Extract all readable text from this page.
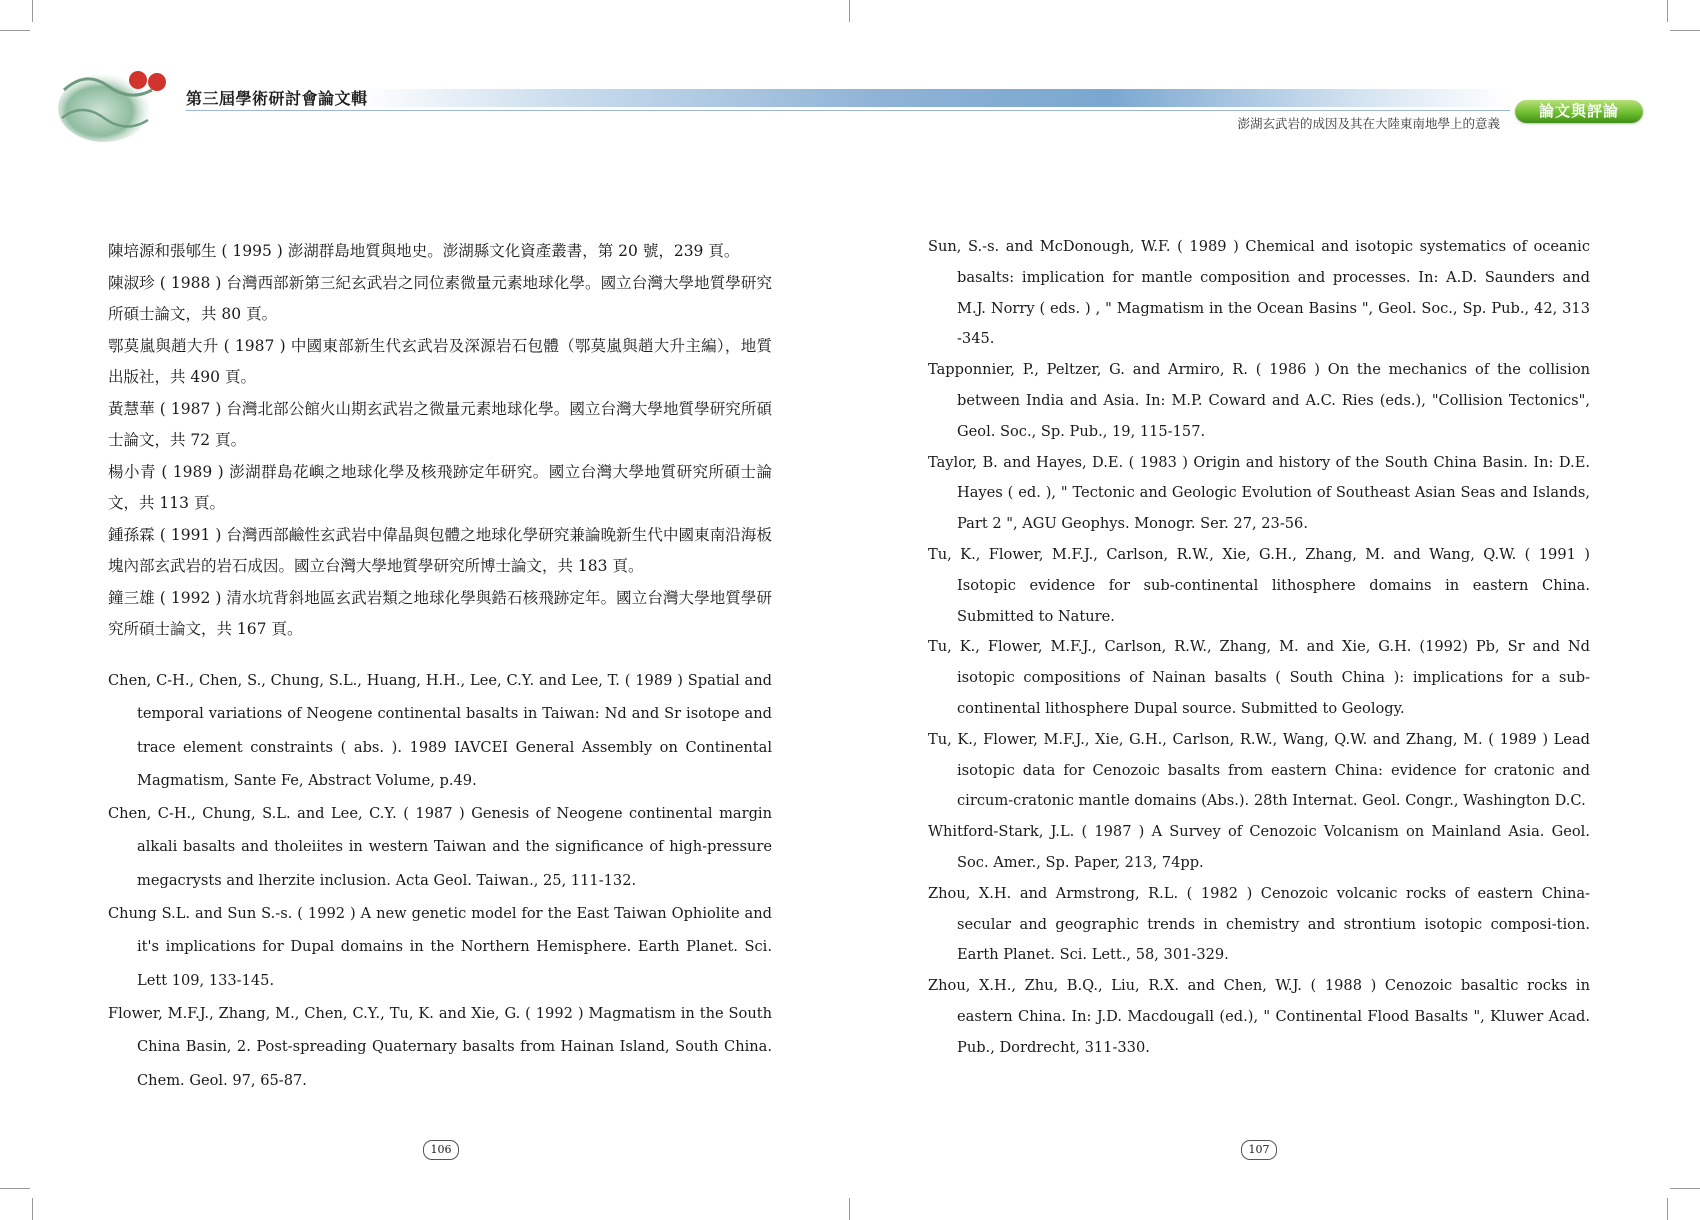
第三屆學術研討會論文輯
澎湖玄武岩的成因及其在大陸東南地學上的意義
論文與評論

陳培源和張郇生 ( 1995 ) 澎湖群島地質與地史。澎湖縣文化資產叢書，第 20 號，239 頁。

陳淑珍 ( 1988 ) 台灣西部新第三紀玄武岩之同位素微量元素地球化學。國立台灣大學地質學研究所碩士論文，共 80 頁。

鄂莫嵐與趙大升 ( 1987 ) 中國東部新生代玄武岩及深源岩石包體（鄂莫嵐與趙大升主編），地質出版社，共 490 頁。

黃慧華 ( 1987 ) 台灣北部公館火山期玄武岩之微量元素地球化學。國立台灣大學地質學研究所碩士論文，共 72 頁。

楊小青 ( 1989 ) 澎湖群島花嶼之地球化學及核飛跡定年研究。國立台灣大學地質研究所碩士論文，共 113 頁。

鍾孫霖 ( 1991 ) 台灣西部鹼性玄武岩中偉晶與包體之地球化學研究兼論晚新生代中國東南沿海板塊內部玄武岩的岩石成因。國立台灣大學地質學研究所博士論文，共 183 頁。

鐘三雄 ( 1992 ) 清水坑背斜地區玄武岩類之地球化學與鋯石核飛跡定年。國立台灣大學地質學研究所碩士論文，共 167 頁。

Chen, C-H., Chen, S., Chung, S.L., Huang, H.H., Lee, C.Y. and Lee, T. ( 1989 ) Spatial and temporal variations of Neogene continental basalts in Taiwan: Nd and Sr isotope and trace element constraints ( abs. ). 1989 IAVCEI General Assembly on Continental Magmatism, Sante Fe, Abstract Volume, p.49.

Chen, C-H., Chung, S.L. and Lee, C.Y. ( 1987 ) Genesis of Neogene continental margin alkali basalts and tholeiites in western Taiwan and the significance of high-pressure megacrysts and lherzite inclusion. Acta Geol. Taiwan., 25, 111-132.

Chung S.L. and Sun S.-s. ( 1992 ) A new genetic model for the East Taiwan Ophiolite and it's implications for Dupal domains in the Northern Hemisphere. Earth Planet. Sci. Lett 109, 133-145.

Flower, M.F.J., Zhang, M., Chen, C.Y., Tu, K. and Xie, G. ( 1992 ) Magmatism in the South China Basin, 2. Post-spreading Quaternary basalts from Hainan Island, South China. Chem. Geol. 97, 65-87.

106

Sun, S.-s. and McDonough, W.F. ( 1989 ) Chemical and isotopic systematics of oceanic basalts: implication for mantle composition and processes. In: A.D. Saunders and M.J. Norry ( eds. ) , " Magmatism in the Ocean Basins ", Geol. Soc., Sp. Pub., 42, 313 -345.

Tapponnier, P., Peltzer, G. and Armiro, R. ( 1986 ) On the mechanics of the collision between India and Asia. In: M.P. Coward and A.C. Ries (eds.), "Collision Tectonics", Geol. Soc., Sp. Pub., 19, 115-157.

Taylor, B. and Hayes, D.E. ( 1983 ) Origin and history of the South China Basin. In: D.E. Hayes ( ed. ), " Tectonic and Geologic Evolution of Southeast Asian Seas and Islands, Part 2 ", AGU Geophys. Monogr. Ser. 27, 23-56.

Tu, K., Flower, M.F.J., Carlson, R.W., Xie, G.H., Zhang, M. and Wang, Q.W. ( 1991 ) Isotopic evidence for sub-continental lithosphere domains in eastern China. Submitted to Nature.

Tu, K., Flower, M.F.J., Carlson, R.W., Zhang, M. and Xie, G.H. (1992) Pb, Sr and Nd isotopic compositions of Nainan basalts ( South China ): implications for a sub-continental lithosphere Dupal source. Submitted to Geology.

Tu, K., Flower, M.F.J., Xie, G.H., Carlson, R.W., Wang, Q.W. and Zhang, M. ( 1989 ) Lead isotopic data for Cenozoic basalts from eastern China: evidence for cratonic and circum-cratonic mantle domains (Abs.). 28th Internat. Geol. Congr., Washington D.C.

Whitford-Stark, J.L. ( 1987 ) A Survey of Cenozoic Volcanism on Mainland Asia. Geol. Soc. Amer., Sp. Paper, 213, 74pp.

Zhou, X.H. and Armstrong, R.L. ( 1982 ) Cenozoic volcanic rocks of eastern China-secular and geographic trends in chemistry and strontium isotopic composi-tion. Earth Planet. Sci. Lett., 58, 301-329.

Zhou, X.H., Zhu, B.Q., Liu, R.X. and Chen, W.J. ( 1988 ) Cenozoic basaltic rocks in eastern China. In: J.D. Macdougall (ed.), " Continental Flood Basalts ", Kluwer Acad. Pub., Dordrecht, 311-330.

107
